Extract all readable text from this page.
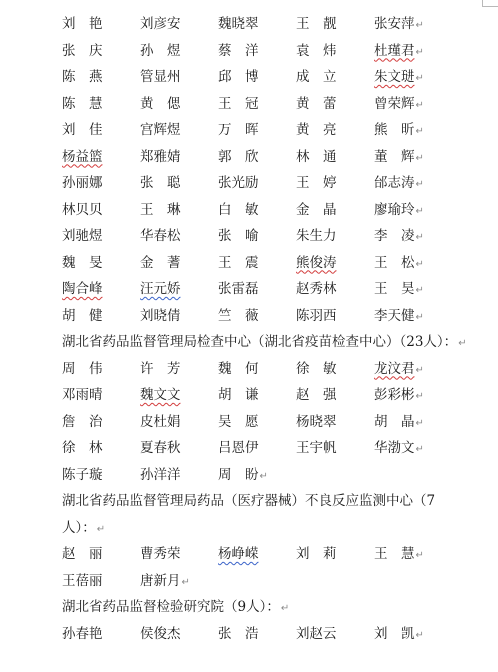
刘　艳	刘彦安	魏晓翠	王　靓	张安萍↵
张　庆	孙　煜	蔡　洋	袁　炜	杜瑾君↵
陈　燕	管显州	邱　博	成　立	朱文琎↵
陈　慧	黄　偲	王　冠	黄　蕾	曾荣辉↵
刘　佳	宫辉煜	万　晖	黄　亮	熊　昕↵
杨益篮	郑雅婧	郭　欣	林　通	董　辉↵
孙丽娜	张　聪	张光励	王　婷	邰志涛↵
林贝贝	王　琳	白　敏	金　晶	廖瑜玲↵
刘驰煜	华春松	张　喻	朱生力	李　凌↵
魏　旻	金　蓍	王　震	熊俊涛	王　松↵
陶合峰	汪元娇	张雷磊	赵秀林	王　昊↵
胡　健	刘晓倩	竺　薇	陈羽西	李天健↵
湖北省药品监督管理局检查中心（湖北省疫苗检查中心）（23人）：↵
周　伟	许　芳	魏　何	徐　敏	龙汶君↵
邓雨晴	魏文文	胡　谦	赵　强	彭彩彬↵
詹　治	皮杜娟	吴　愿	杨晓翠	胡　晶↵
徐　林	夏春秋	吕恩伊	王宇帆	华渤文↵
陈子璇	孙洋洋	周　盼↵
湖北省药品监督管理局药品（医疗器械）不良反应监测中心（7
人）：↵
赵　丽	曹秀荣	杨峥嵘	刘　莉	王　慧↵
王蓓丽	唐新月↵
湖北省药品监督检验研究院（9人）：↵
孙春艳	侯俊杰	张　浩	刘赵云	刘　凯↵
